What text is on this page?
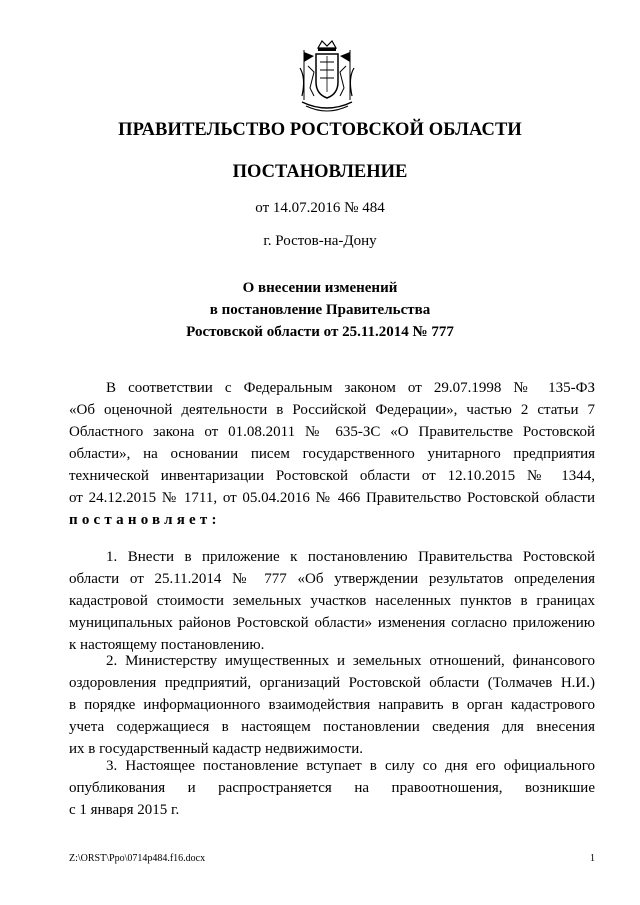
ПРАВИТЕЛЬСТВО РОСТОВСКОЙ ОБЛАСТИ
ПОСТАНОВЛЕНИЕ
от 14.07.2016 № 484
г. Ростов-на-Дону
О внесении изменений
в постановление Правительства
Ростовской области от 25.11.2014 № 777
В соответствии с Федеральным законом от 29.07.1998 № 135-ФЗ
«Об оценочной деятельности в Российской Федерации», частью 2 статьи 7
Областного закона от 01.08.2011 № 635-ЗС «О Правительстве Ростовской
области», на основании писем государственного унитарного предприятия
технической инвентаризации Ростовской области от 12.10.2015 № 1344,
от 24.12.2015 № 1711, от 05.04.2016 № 466 Правительство Ростовской области
постановляет:
1. Внести в приложение к постановлению Правительства Ростовской
области от 25.11.2014 № 777 «Об утверждении результатов определения
кадастровой стоимости земельных участков населенных пунктов в границах
муниципальных районов Ростовской области» изменения согласно приложению
к настоящему постановлению.
2. Министерству имущественных и земельных отношений, финансового
оздоровления предприятий, организаций Ростовской области (Толмачев Н.И.)
в порядке информационного взаимодействия направить в орган кадастрового
учета содержащиеся в настоящем постановлении сведения для внесения
их в государственный кадастр недвижимости.
3. Настоящее постановление вступает в силу со дня его официального
опубликования и распространяется на правоотношения, возникшие
с 1 января 2015 г.
Z:\ORST\Ppo\0714p484.f16.docx	1
